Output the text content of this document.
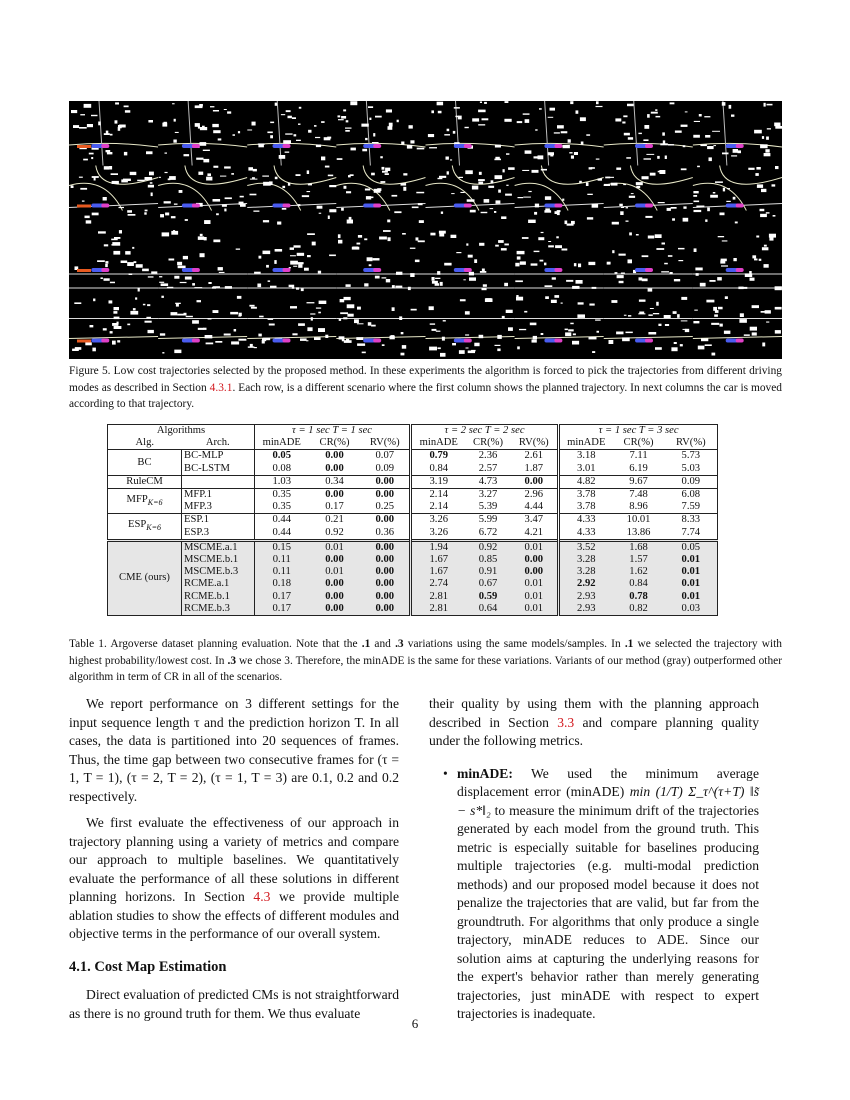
Figure 5. Low cost trajectories selected by the proposed method. In these experiments the algorithm is forced to pick the trajectories from different driving modes as described in Section 4.3.1. Each row, is a different scenario where the first column shows the planned trajectory. In next columns the car is moved according to that trajectory.
Algorithms		τ = 1 sec T = 1 sec			τ = 2 sec T = 2 sec			τ = 1 sec T = 3 sec		
Alg.	Arch.	minADE	CR(%)	RV(%)	minADE	CR(%)	RV(%)	minADE	CR(%)	RV(%)
BC	BC-MLP	0.05	0.00	0.07	0.79	2.36	2.61	3.18	7.11	5.73
	BC-LSTM	0.08	0.00	0.09	0.84	2.57	1.87	3.01	6.19	5.03
RuleCM		1.03	0.34	0.00	3.19	4.73	0.00	4.82	9.67	0.09
$MFP_{K=6}$	MFP.1	0.35	0.00	0.00	2.14	3.27	2.96	3.78	7.48	6.08
	MFP.3	0.35	0.17	0.25	2.14	5.39	4.44	3.78	8.96	7.59
$ESP_{K=6}$	ESP.1	0.44	0.21	0.00	3.26	5.99	3.47	4.33	10.01	8.33
	ESP.3	0.44	0.92	0.36	3.26	6.72	4.21	4.33	13.86	7.74
CME (ours)	MSCME.a.1	0.15	0.01	0.00	1.94	0.92	0.01	3.52	1.68	0.05
	MSCME.b.1	0.11	0.00	0.00	1.67	0.85	0.00	3.28	1.57	0.01
	MSCME.b.3	0.11	0.01	0.00	1.67	0.91	0.00	3.28	1.62	0.01
	RCME.a.1	0.18	0.00	0.00	2.74	0.67	0.01	2.92	0.84	0.01
	RCME.b.1	0.17	0.00	0.00	2.81	0.59	0.01	2.93	0.78	0.01
	RCME.b.3	0.17	0.00	0.00	2.81	0.64	0.01	2.93	0.82	0.03
Table 1. Argoverse dataset planning evaluation. Note that the .1 and .3 variations using the same models/samples. In .1 we selected the trajectory with highest probability/lowest cost. In .3 we chose 3. Therefore, the minADE is the same for these variations. Variants of our method (gray) outperformed other algorithm in term of CR in all of the scenarios.

We report performance on 3 different settings for the input sequence length τ and the prediction horizon T. In all cases, the data is partitioned into 20 sequences of frames. Thus, the time gap between two consecutive frames for (τ = 1, T = 1), (τ = 2, T = 2), (τ = 1, T = 3) are 0.1, 0.2 and 0.2 respectively.

We first evaluate the effectiveness of our approach in trajectory planning using a variety of metrics and compare our approach to multiple baselines. We quantitatively evaluate the performance of all these solutions in different planning horizons. In Section 4.3 we provide multiple ablation studies to show the effects of different modules and objective terms in the performance of our overall system.

4.1. Cost Map Estimation

Direct evaluation of predicted CMs is not straightforward as there is no ground truth for them. We thus evaluate

their quality by using them with the planning approach described in Section 3.3 and compare planning quality under the following metrics.

• minADE: We used the minimum average displacement error (minADE) min (1/T) Σ_τ^(τ+T) ‖s̃ − s*‖₂ to measure the minimum drift of the trajectories generated by each model from the ground truth. This metric is especially suitable for baselines producing multiple trajectories (e.g. multi-modal prediction methods) and our proposed model because it does not penalize the trajectories that are valid, but far from the groundtruth. For algorithms that only produce a single trajectory, minADE reduces to ADE. Since our solution aims at capturing the underlying reasons for the expert's behavior rather than merely generating trajectories, just minADE with respect to expert trajectories is inadequate.
6
